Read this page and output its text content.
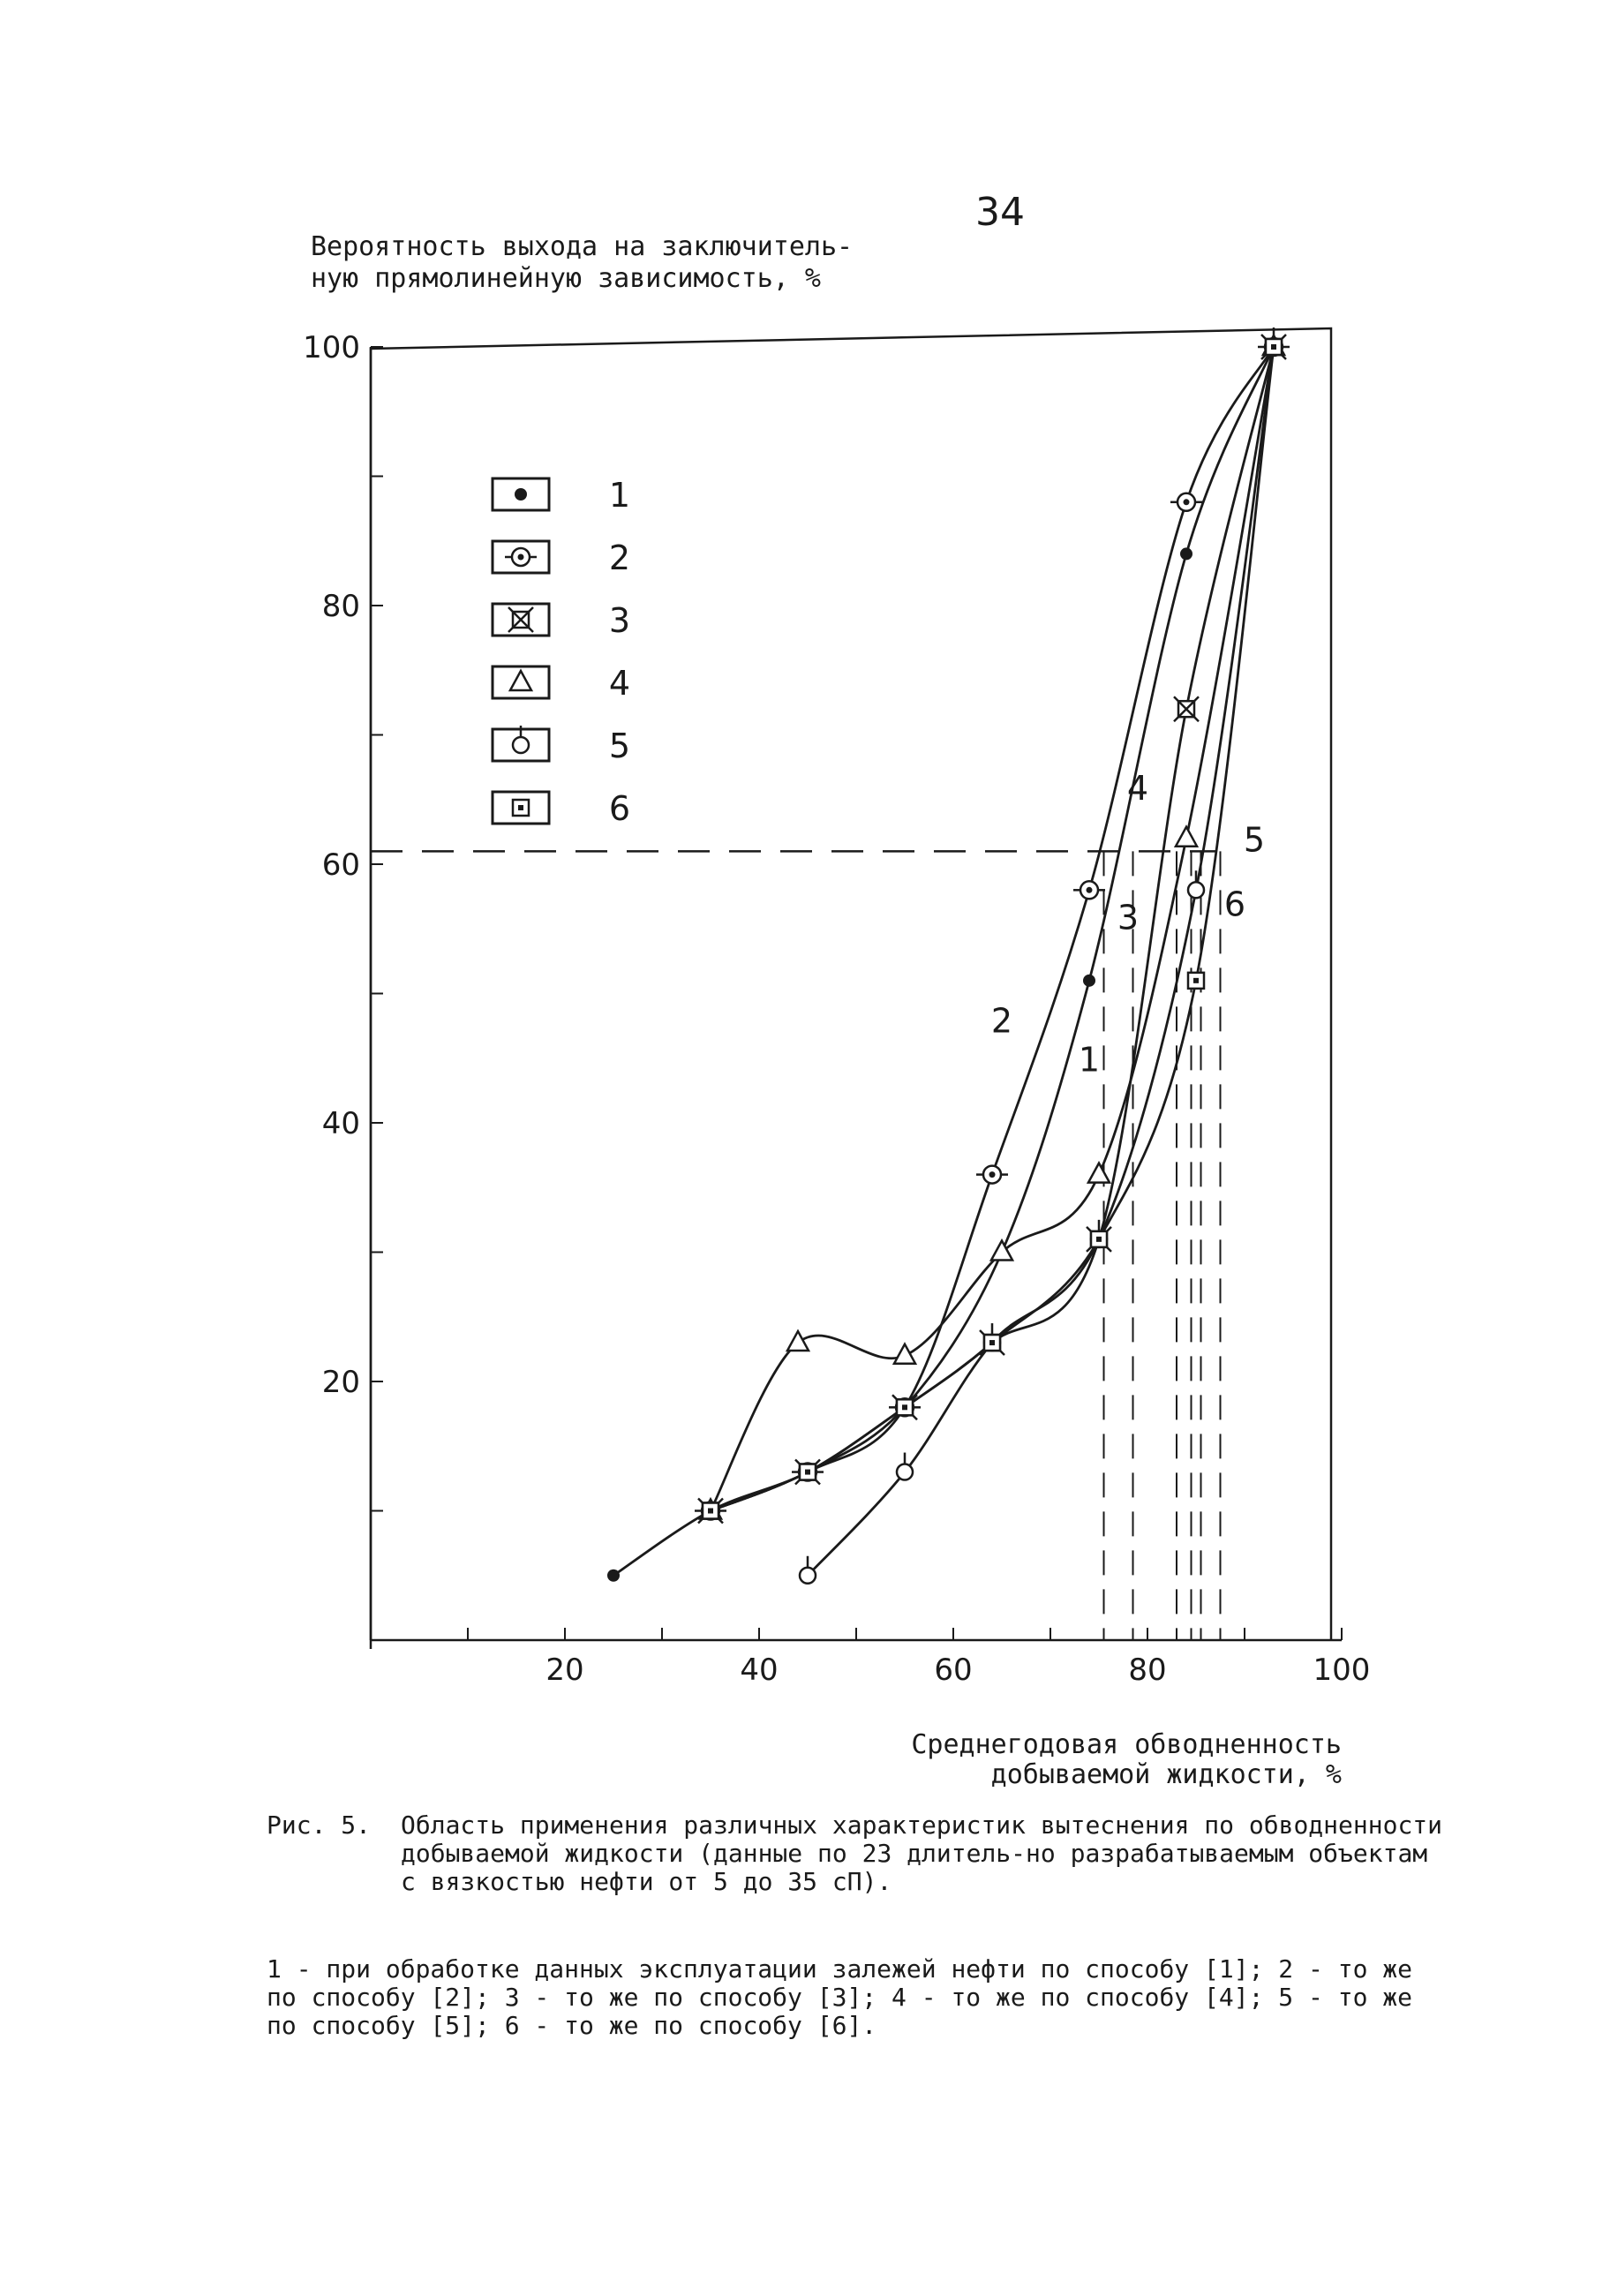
34
Вероятность выхода на заключитель-
ную прямолинейную зависимость, %
20	40	60	80	100
20
40
60
80
100
1
2
3
4
5
6
1
2
3
4
5
6
Среднегодовая обводненность
добываемой жидкости, %
Рис. 5. Область применения различных характеристик вытеснения по обводненности добываемой жидкости (данные по 23 длитель-но разрабатываемым объектам с вязкостью нефти от 5 до 35 сП).
1 - при обработке данных эксплуатации залежей нефти по способу [1]; 2 - то же по способу [2]; 3 - то же по способу [3]; 4 - то же по способу [4]; 5 - то же по способу [5]; 6 - то же по способу [6].
